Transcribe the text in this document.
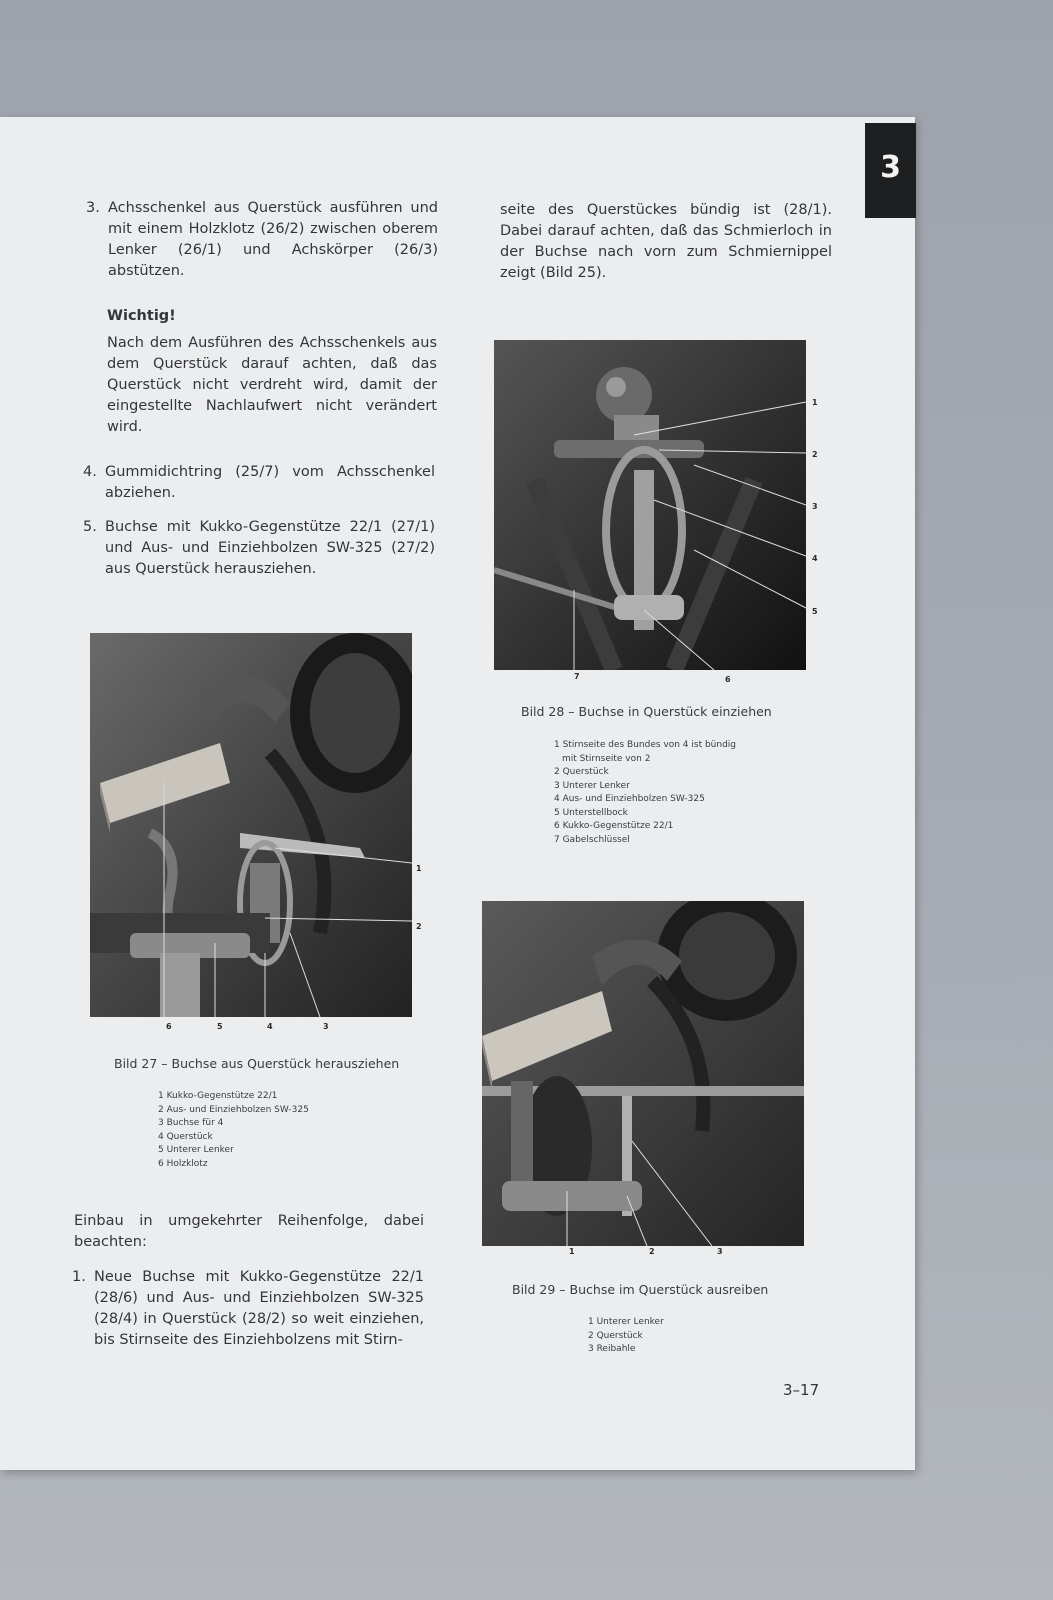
3
3. Achsschenkel aus Querstück ausführen und mit einem Holzklotz (26/2) zwischen oberem Lenker (26/1) und Achskörper (26/3) abstützen.

Wichtig!

Nach dem Ausführen des Achsschenkels aus dem Querstück darauf achten, daß das Querstück nicht verdreht wird, damit der eingestellte Nachlaufwert nicht verändert wird.

4. Gummidichtring (25/7) vom Achsschenkel abziehen.
5. Buchse mit Kukko-Gegenstütze 22/1 (27/1) und Aus- und Einziehbolzen SW-325 (27/2) aus Querstück herausziehen.
1
2
6	5	4	3
Bild 27 – Buchse aus Querstück herausziehen
1 Kukko-Gegenstütze 22/1
2 Aus- und Einziehbolzen SW-325
3 Buchse für 4
4 Querstück
5 Unterer Lenker
6 Holzklotz
Einbau in umgekehrter Reihenfolge, dabei beachten:
1. Neue Buchse mit Kukko-Gegenstütze 22/1 (28/6) und Aus- und Einziehbolzen SW-325 (28/4) in Querstück (28/2) so weit einziehen, bis Stirnseite des Einziehbolzens mit Stirn-
seite des Querstückes bündig ist (28/1). Dabei darauf achten, daß das Schmierloch in der Buchse nach vorn zum Schmiernippel zeigt (Bild 25).
1
2
3
4
5
7	6
Bild 28 – Buchse in Querstück einziehen
1 Stirnseite des Bundes von 4 ist bündig
mit Stirnseite von 2
2 Querstück
3 Unterer Lenker
4 Aus- und Einziehbolzen SW-325
5 Unterstellbock
6 Kukko-Gegenstütze 22/1
7 Gabelschlüssel
1	2	3
Bild 29 – Buchse im Querstück ausreiben
1 Unterer Lenker
2 Querstück
3 Reibahle
3–17
